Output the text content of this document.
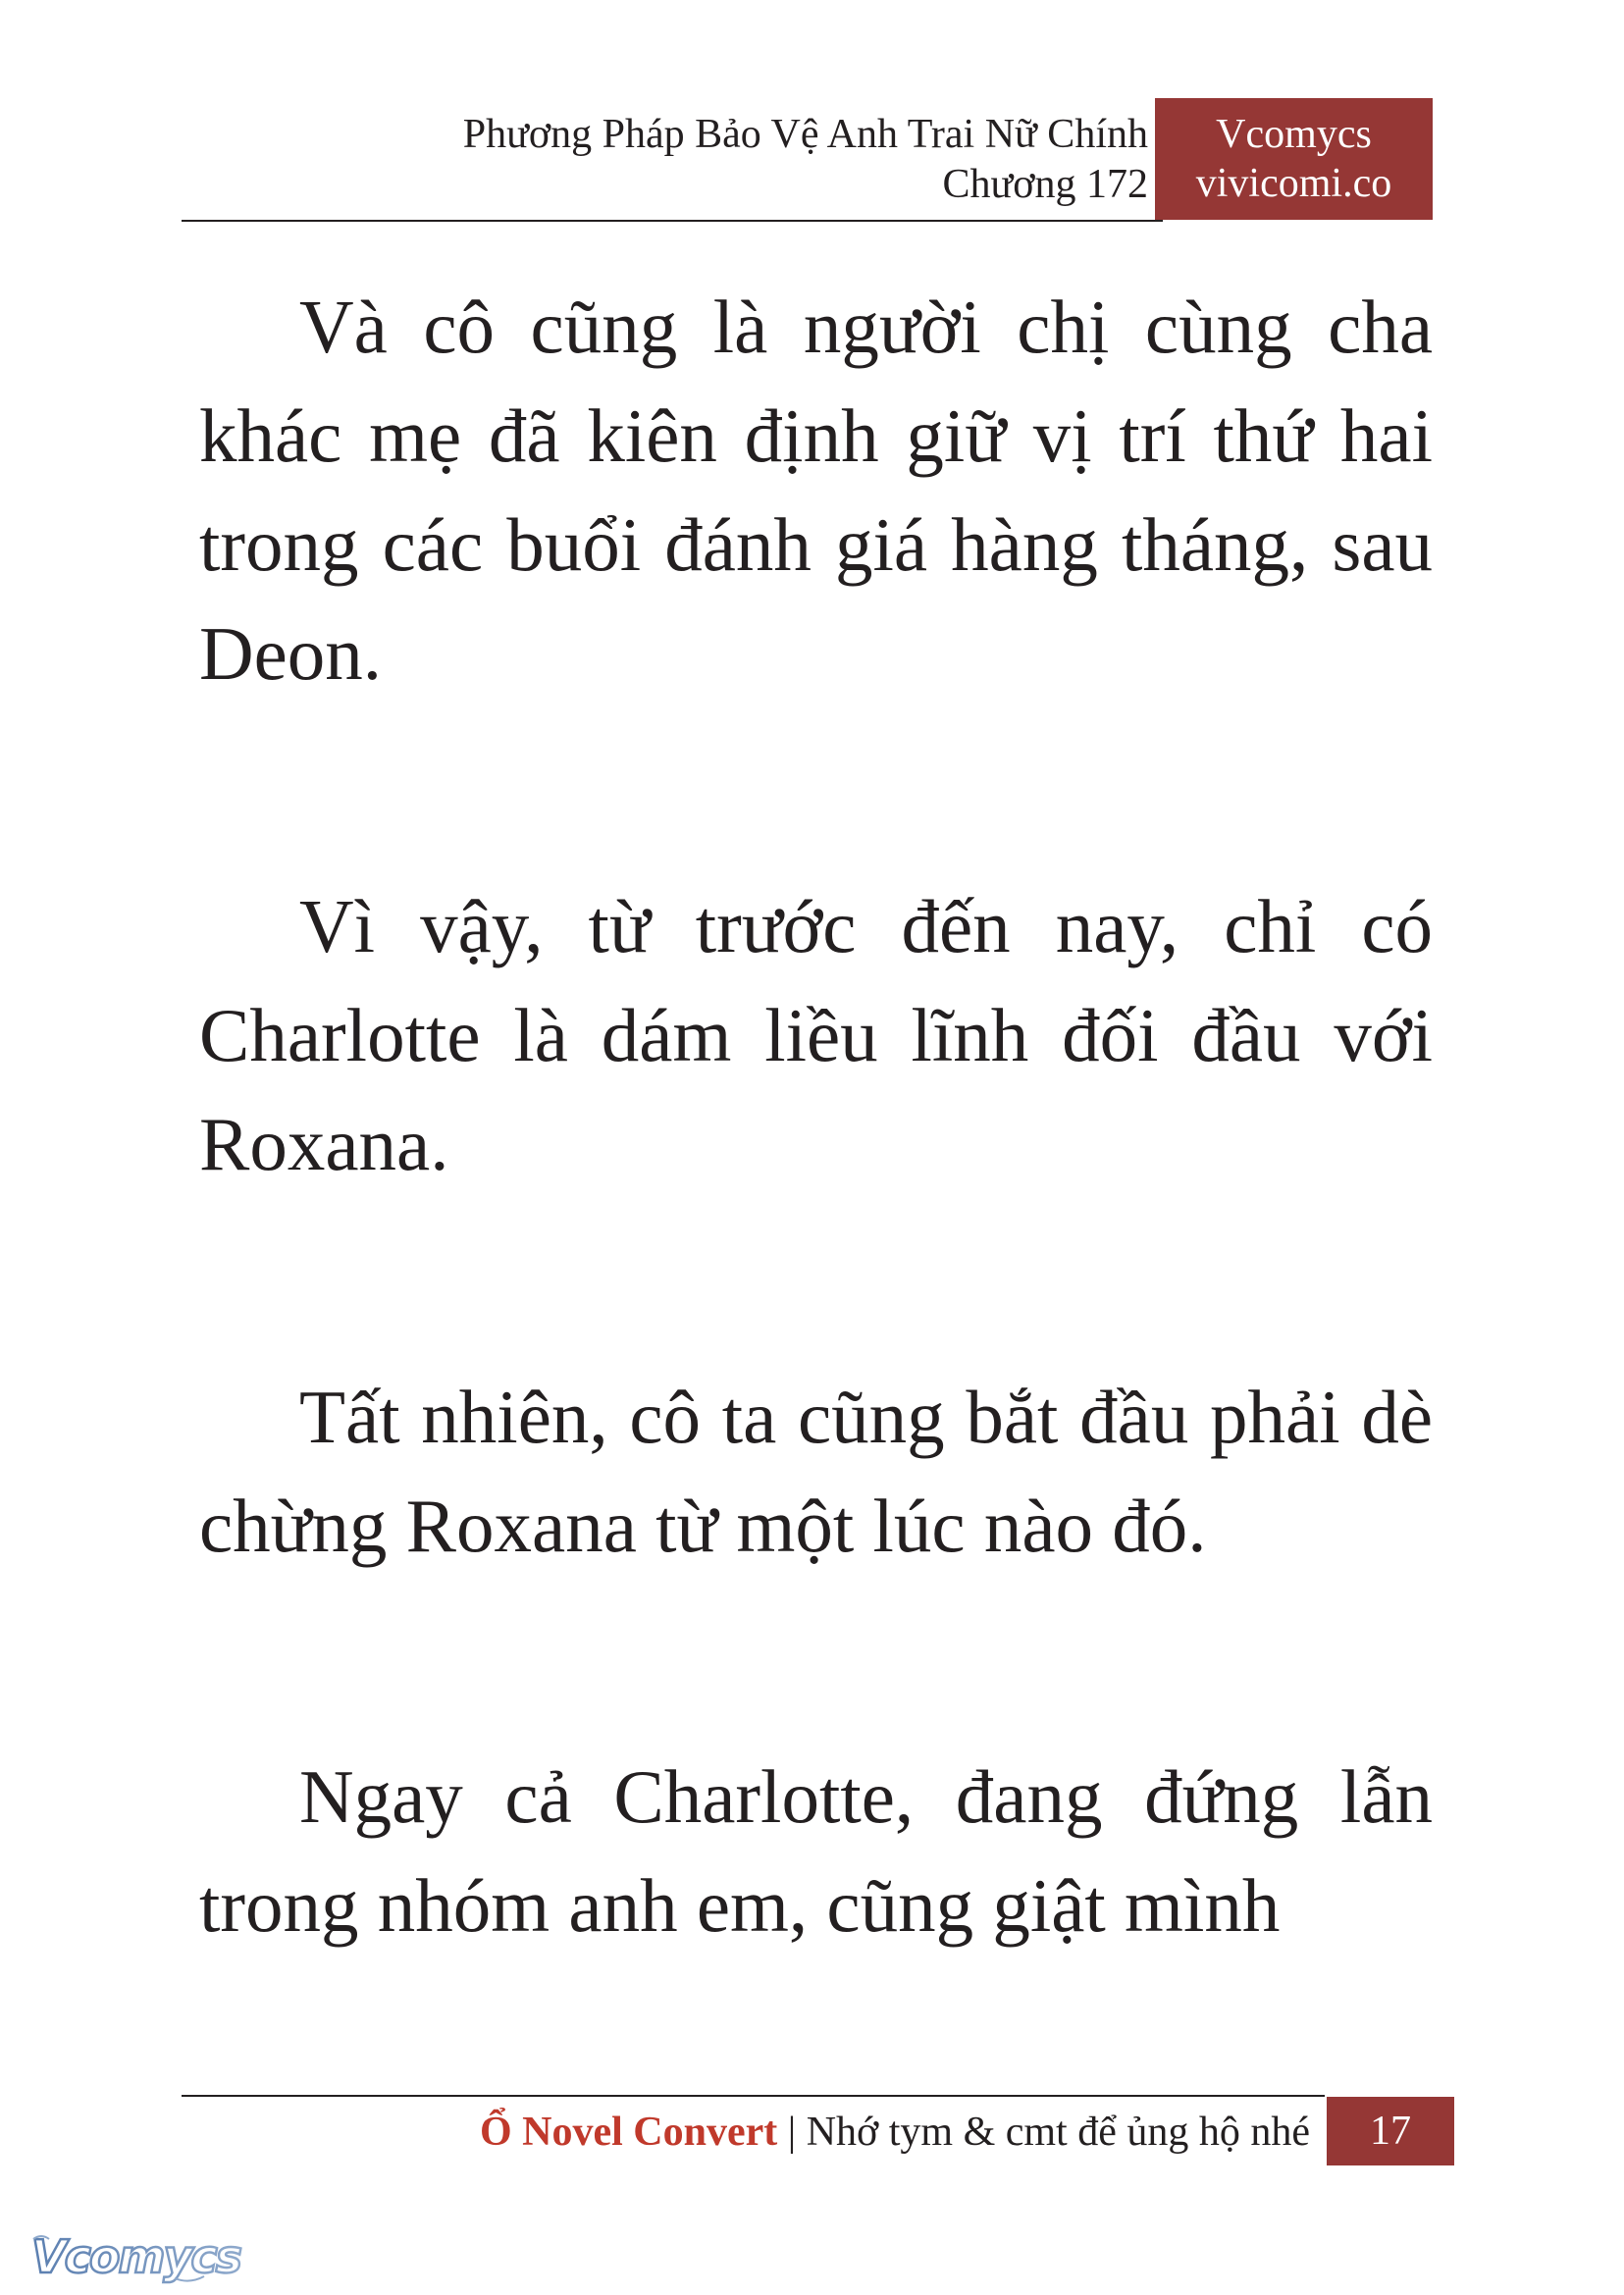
Phương Pháp Bảo Vệ Anh Trai Nữ Chính
Chương 172
Vcomycs
vivicomi.co

Và cô cũng là người chị cùng cha khác mẹ đã kiên định giữ vị trí thứ hai trong các buổi đánh giá hàng tháng, sau Deon.

Vì vậy, từ trước đến nay, chỉ có Charlotte là dám liều lĩnh đối đầu với Roxana.

Tất nhiên, cô ta cũng bắt đầu phải dè chừng Roxana từ một lúc nào đó.

Ngay cả Charlotte, đang đứng lẫn trong nhóm anh em, cũng giật mình

Ổ Novel Convert | Nhớ tym & cmt để ủng hộ nhé	17
Vcomycs
